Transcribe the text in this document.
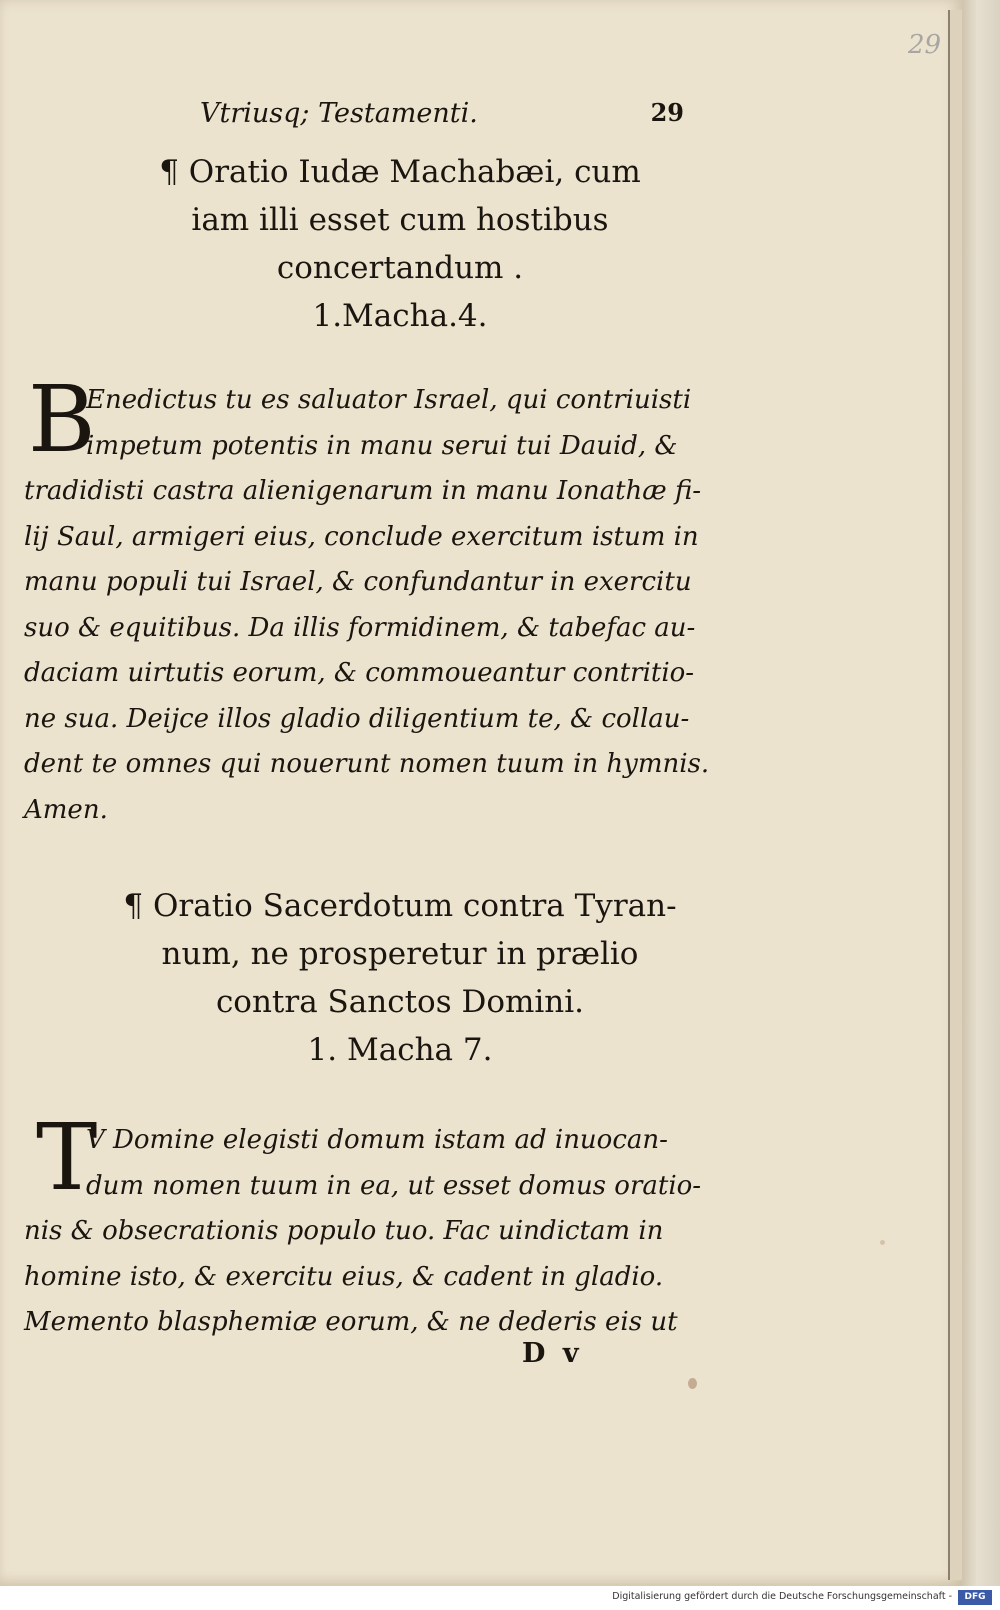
29
Vtriusq; Testamenti.	29
¶ Oratio Iudæ Machabæi, cum
iam illi esset cum hostibus
concertandum .
1.Macha.4.
B
Enedictus tu es saluator Israel, qui contriuisti
impetum potentis in manu serui tui Dauid, &
tradidisti castra alienigenarum in manu Ionathæ fi-
lij Saul, armigeri eius, conclude exercitum istum in
manu populi tui Israel, & confundantur in exercitu
suo & equitibus. Da illis formidinem, & tabefac au-
daciam uirtutis eorum, & commoueantur contritio-
ne sua. Deijce illos gladio diligentium te, & collau-
dent te omnes qui nouerunt nomen tuum in hymnis.
Amen.
¶ Oratio Sacerdotum contra Tyran-
num, ne prosperetur in prælio
contra Sanctos Domini.
1. Macha 7.
T
V Domine elegisti domum istam ad inuocan-
dum nomen tuum in ea, ut esset domus oratio-
nis & obsecrationis populo tuo. Fac uindictam in
homine isto, & exercitu eius, & cadent in gladio.
Memento blasphemiæ eorum, & ne dederis eis ut
D v
Digitalisierung gefördert durch die Deutsche Forschungsgemeinschaft -	DFG
